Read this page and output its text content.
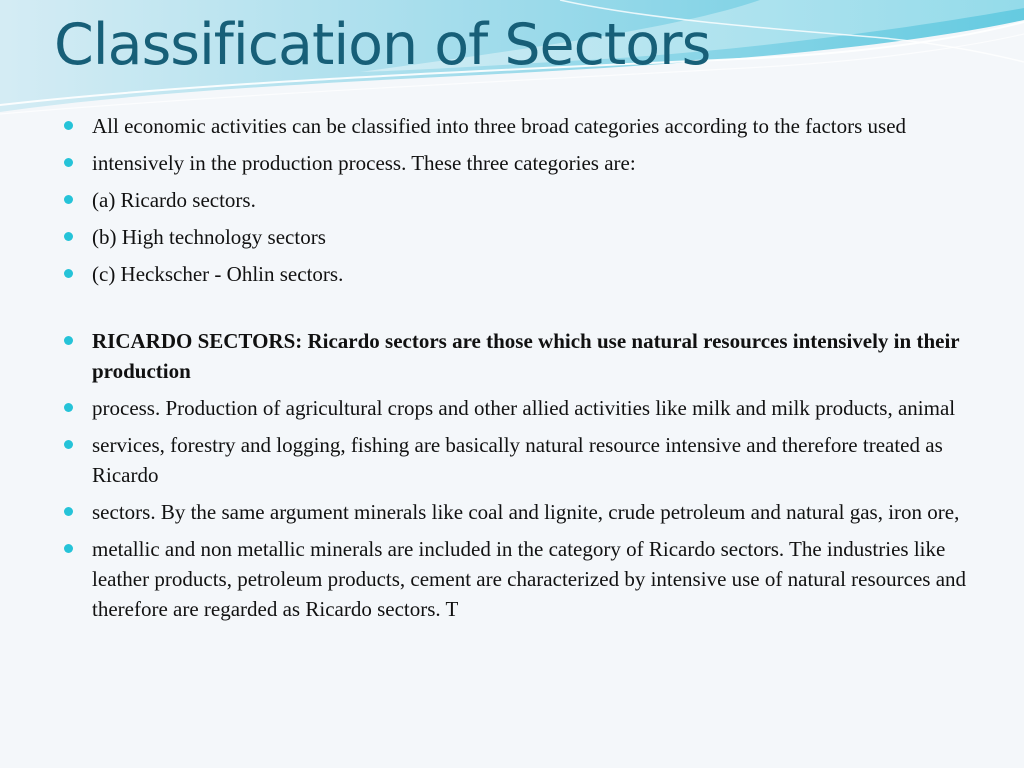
Classification of Sectors
All economic activities can be classified into three broad categories according to the factors used
intensively in the production process. These three categories are:
(a) Ricardo sectors.
(b) High technology sectors
(c) Heckscher - Ohlin sectors.
RICARDO SECTORS: Ricardo sectors are those which use natural resources intensively in their production
process. Production of agricultural crops and other allied activities like milk and milk products, animal
services, forestry and logging, fishing are basically natural resource intensive and therefore treated as Ricardo
sectors. By the same argument minerals like coal and lignite, crude petroleum and natural gas, iron ore,
metallic and non metallic minerals are included in the category of Ricardo sectors. The industries like leather products, petroleum products, cement are characterized by intensive use of natural resources and therefore are regarded as Ricardo sectors. T
